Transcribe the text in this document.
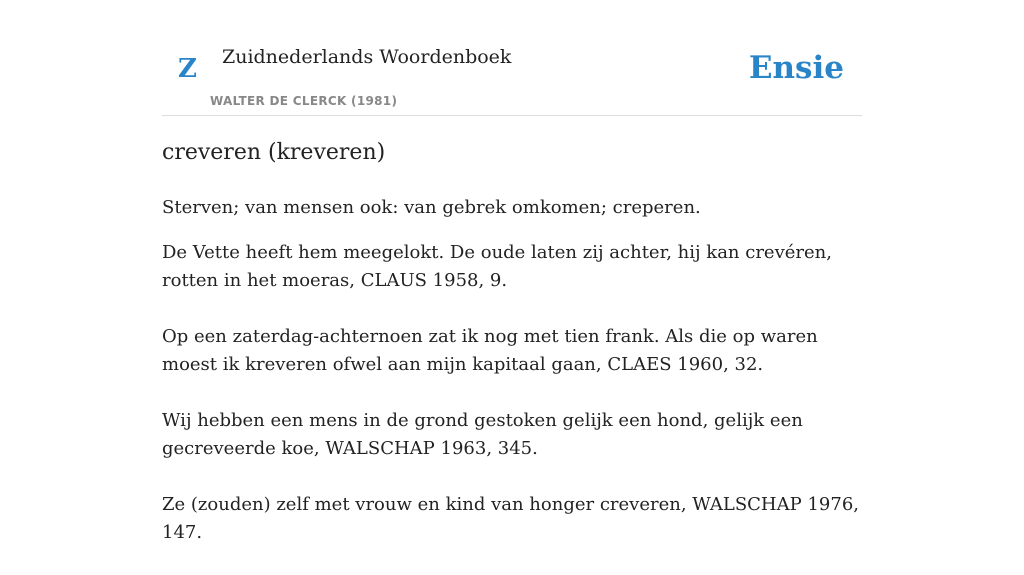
Z Zuidnederlands Woordenboek
WALTER DE CLERCK (1981)
Ensie
creveren (kreveren)

Sterven; van mensen ook: van gebrek omkomen; creperen.

De Vette heeft hem meegelokt. De oude laten zij achter, hij kan crevéren, rotten in het moeras, CLAUS 1958, 9.

Op een zaterdag-achternoen zat ik nog met tien frank. Als die op waren moest ik kreveren ofwel aan mijn kapitaal gaan, CLAES 1960, 32.

Wij hebben een mens in de grond gestoken gelijk een hond, gelijk een gecreveerde koe, WALSCHAP 1963, 345.

Ze (zouden) zelf met vrouw en kind van honger creveren, WALSCHAP 1976, 147.
